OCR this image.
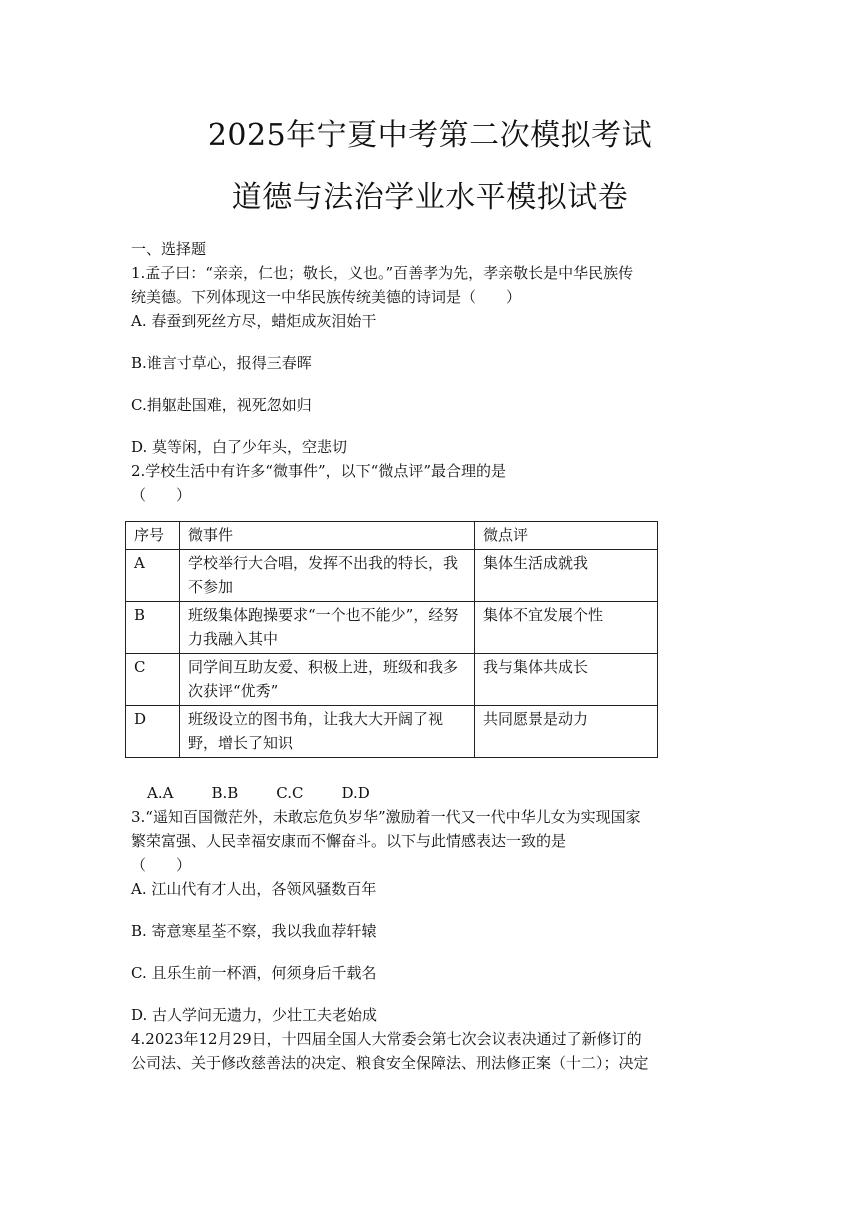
2025年宁夏中考第二次模拟考试
道德与法治学业水平模拟试卷

一、选择题

1.孟子曰：“亲亲，仁也；敬长，义也。”百善孝为先，孝亲敬长是中华民族传

统美德。下列体现这一中华民族传统美德的诗词是（　　）

A. 春蚕到死丝方尽，蜡炬成灰泪始干

B.谁言寸草心，报得三春晖

C.捐躯赴国难，视死忽如归

D. 莫等闲，白了少年头，空悲切

2.学校生活中有许多“微事件”，以下“微点评”最合理的是

（　　）

序号	微事件	微点评
A	学校举行大合唱，发挥不出我的特长，我不参加	集体生活成就我
B	班级集体跑操要求“一个也不能少”，经努力我融入其中	集体不宜发展个性
C	同学间互助友爱、积极上进，班级和我多次获评“优秀”	我与集体共成长
D	班级设立的图书角，让我大大开阔了视野，增长了知识	共同愿景是动力

A.A	B.B	C.C	D.D

3.“遥知百国微茫外，未敢忘危负岁华”激励着一代又一代中华儿女为实现国家

繁荣富强、人民幸福安康而不懈奋斗。以下与此情感表达一致的是

（　　）

A. 江山代有才人出，各领风骚数百年

B. 寄意寒星荃不察，我以我血荐轩辕

C. 且乐生前一杯酒，何须身后千载名

D. 古人学问无遗力，少壮工夫老始成

4.2023年12月29日，十四届全国人大常委会第七次会议表决通过了新修订的

公司法、关于修改慈善法的决定、粮食安全保障法、刑法修正案（十二）；决定
